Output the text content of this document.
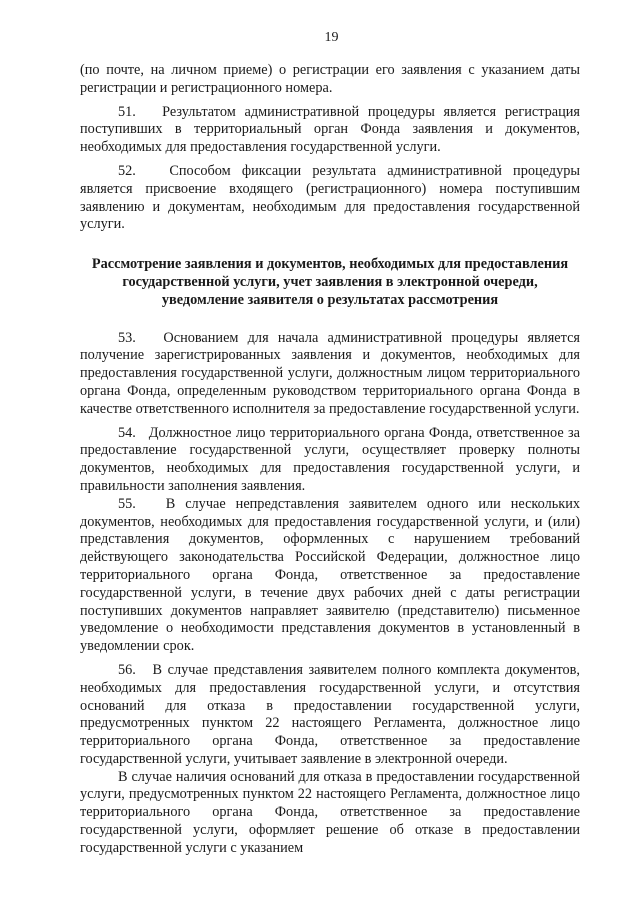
19

(по почте, на личном приеме) о регистрации его заявления с указанием даты регистрации и регистрационного номера.

51.   Результатом административной процедуры является регистрация поступивших в территориальный орган Фонда заявления и документов, необходимых для предоставления государственной услуги.

52.   Способом фиксации результата административной процедуры является присвоение входящего (регистрационного) номера поступившим заявлению и документам, необходимым для предоставления государственной услуги.

Рассмотрение заявления и документов, необходимых для предоставления государственной услуги, учет заявления в электронной очереди, уведомление заявителя о результатах рассмотрения

53.   Основанием для начала административной процедуры является получение зарегистрированных заявления и документов, необходимых для предоставления государственной услуги, должностным лицом территориального органа Фонда, определенным руководством территориального органа Фонда в качестве ответственного исполнителя за предоставление государственной услуги.

54.   Должностное лицо территориального органа Фонда, ответственное за предоставление государственной услуги, осуществляет проверку полноты документов, необходимых для предоставления государственной услуги, и правильности заполнения заявления.

55.   В случае непредставления заявителем одного или нескольких документов, необходимых для предоставления государственной услуги, и (или) представления документов, оформленных с нарушением требований действующего законодательства Российской Федерации, должностное лицо территориального органа Фонда, ответственное за предоставление государственной услуги, в течение двух рабочих дней с даты регистрации поступивших документов направляет заявителю (представителю) письменное уведомление о необходимости представления документов в установленный в уведомлении срок.

56.   В случае представления заявителем полного комплекта документов, необходимых для предоставления государственной услуги, и отсутствия оснований для отказа в предоставлении государственной услуги, предусмотренных пунктом 22 настоящего Регламента, должностное лицо территориального органа Фонда, ответственное за предоставление государственной услуги, учитывает заявление в электронной очереди.

В случае наличия оснований для отказа в предоставлении государственной услуги, предусмотренных пунктом 22 настоящего Регламента, должностное лицо территориального органа Фонда, ответственное за предоставление государственной услуги, оформляет решение об отказе в предоставлении государственной услуги с указанием
